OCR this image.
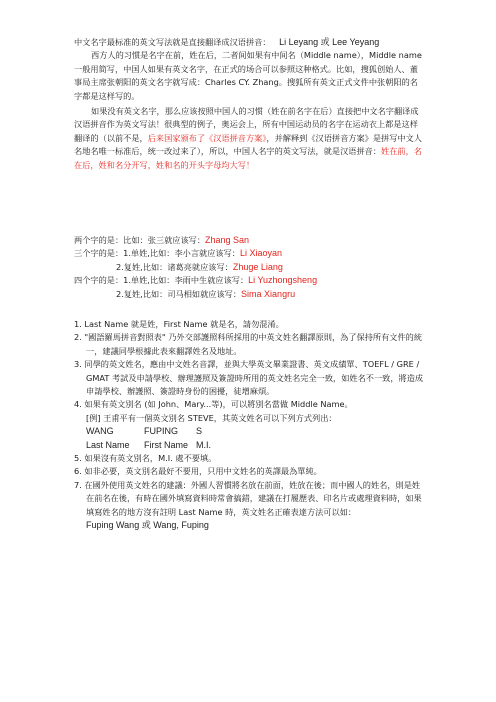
中文名字最标准的英文写法就是直接翻译成汉语拼音： Li Leyang 或 Lee Yeyang

西方人的习惯是名字在前，姓在后，二者间如果有中间名（Middle name），Middle name 一般用简写，中国人如果有英文名字，在正式的场合可以参照这种格式。比如，搜狐创始人、董事局主席张朝阳的英文名字就写成：Charles CY. Zhang。搜狐所有英文正式文件中张朝阳的名字都是这样写的。

如果没有英文名字，那么应该按照中国人的习惯（姓在前名字在后）直接把中文名字翻译成汉语拼音作为英文写法！很典型的例子，奥运会上，所有中国运动员的名字在运动衣上都是这样翻译的（以前不是，后来国家颁布了《汉语拼音方案》，并解释到《汉语拼音方案》是拼写中文人名地名唯一标准后，统一改过来了），所以，中国人名字的英文写法，就是汉语拼音：姓在前，名在后，姓和名分开写，姓和名的开头字母均大写！

两个字的是：比如：张三就应该写：Zhang San

三个字的是：1.单姓,比如：李小言就应该写：Li Xiaoyan

2.复姓,比如：诸葛亮就应该写：Zhuge Liang

四个字的是：1.单姓,比如：李雨中生就应该写：Li Yuzhongsheng

2.复姓,比如：司马相如就应该写：Sima Xiangru

1. Last Name 就是姓，First Name 就是名，請勿混淆。

2. "國語羅馬拼音對照表" 乃外交部護照科所採用的中英文姓名翻譯原則，為了保持所有文件的統一，建議同學根據此表來翻譯姓名及地址。

3. 同學的英文姓名，應由中文姓名音譯，並與大學英文畢業證書、英文成績單、TOEFL / GRE / GMAT 考試及申請學校、辦理護照及簽證時所用的英文姓名完全一致，如姓名不一致，將造成申請學校、辦護照、簽證時身份的困擾，徒增麻煩。

4. 如果有英文別名 (如 John、Mary...等)，可以將別名當做 Middle Name。

[例] 王甫平有一個英文別名 STEVE，其英文姓名可以下列方式列出：

WANG	FUPING S

Last Name First Name M.I.

5. 如果沒有英文別名，M.I. 處不要填。

6. 如非必要，英文別名最好不要用，只用中文姓名的英譯最為單純。

7. 在國外使用英文姓名的建議：外國人習慣將名放在前面，姓放在後；而中國人的姓名，則是姓在前名在後，有時在國外填寫資料時常會搞錯，建議在打履歷表、印名片或處理資料時，如果填寫姓名的地方沒有註明 Last Name 時，英文姓名正確表達方法可以如：

Fuping Wang 或 Wang, Fuping
